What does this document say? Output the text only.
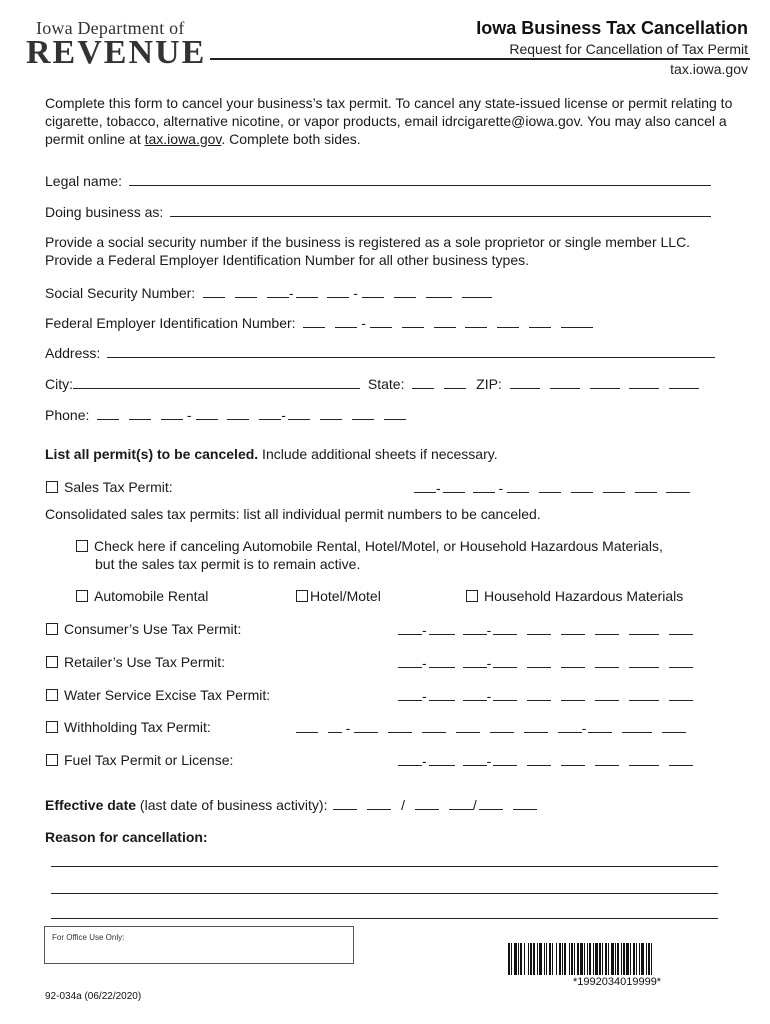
Iowa Department of
REVENUE
Iowa Business Tax Cancellation
Request for Cancellation of Tax Permit
tax.iowa.gov
Complete this form to cancel your business’s tax permit. To cancel any state-issued license or permit relating to cigarette, tobacco, alternative nicotine, or vapor products, email idrcigarette@iowa.gov. You may also cancel a permit online at tax.iowa.gov. Complete both sides.
Legal name:
Doing business as:
Provide a social security number if the business is registered as a sole proprietor or single member LLC. Provide a Federal Employer Identification Number for all other business types.
Social Security Number:	-	-
Federal Employer Identification Number:	-
Address:
City:	State:	ZIP:
Phone:	-	-
List all permit(s) to be canceled. Include additional sheets if necessary.
Sales Tax Permit:	-	-
Consolidated sales tax permits: list all individual permit numbers to be canceled.
Check here if canceling Automobile Rental, Hotel/Motel, or Household Hazardous Materials,
but the sales tax permit is to remain active.
Automobile Rental	Hotel/Motel	Household Hazardous Materials
Consumer’s Use Tax Permit:	-	-
Retailer’s Use Tax Permit:	-	-
Water Service Excise Tax Permit:	-	-
Withholding Tax Permit:	-	-
Fuel Tax Permit or License:	-	-
Effective date (last date of business activity):	/	/
Reason for cancellation:
For Office Use Only:
*1992034019999*
92-034a (06/22/2020)
